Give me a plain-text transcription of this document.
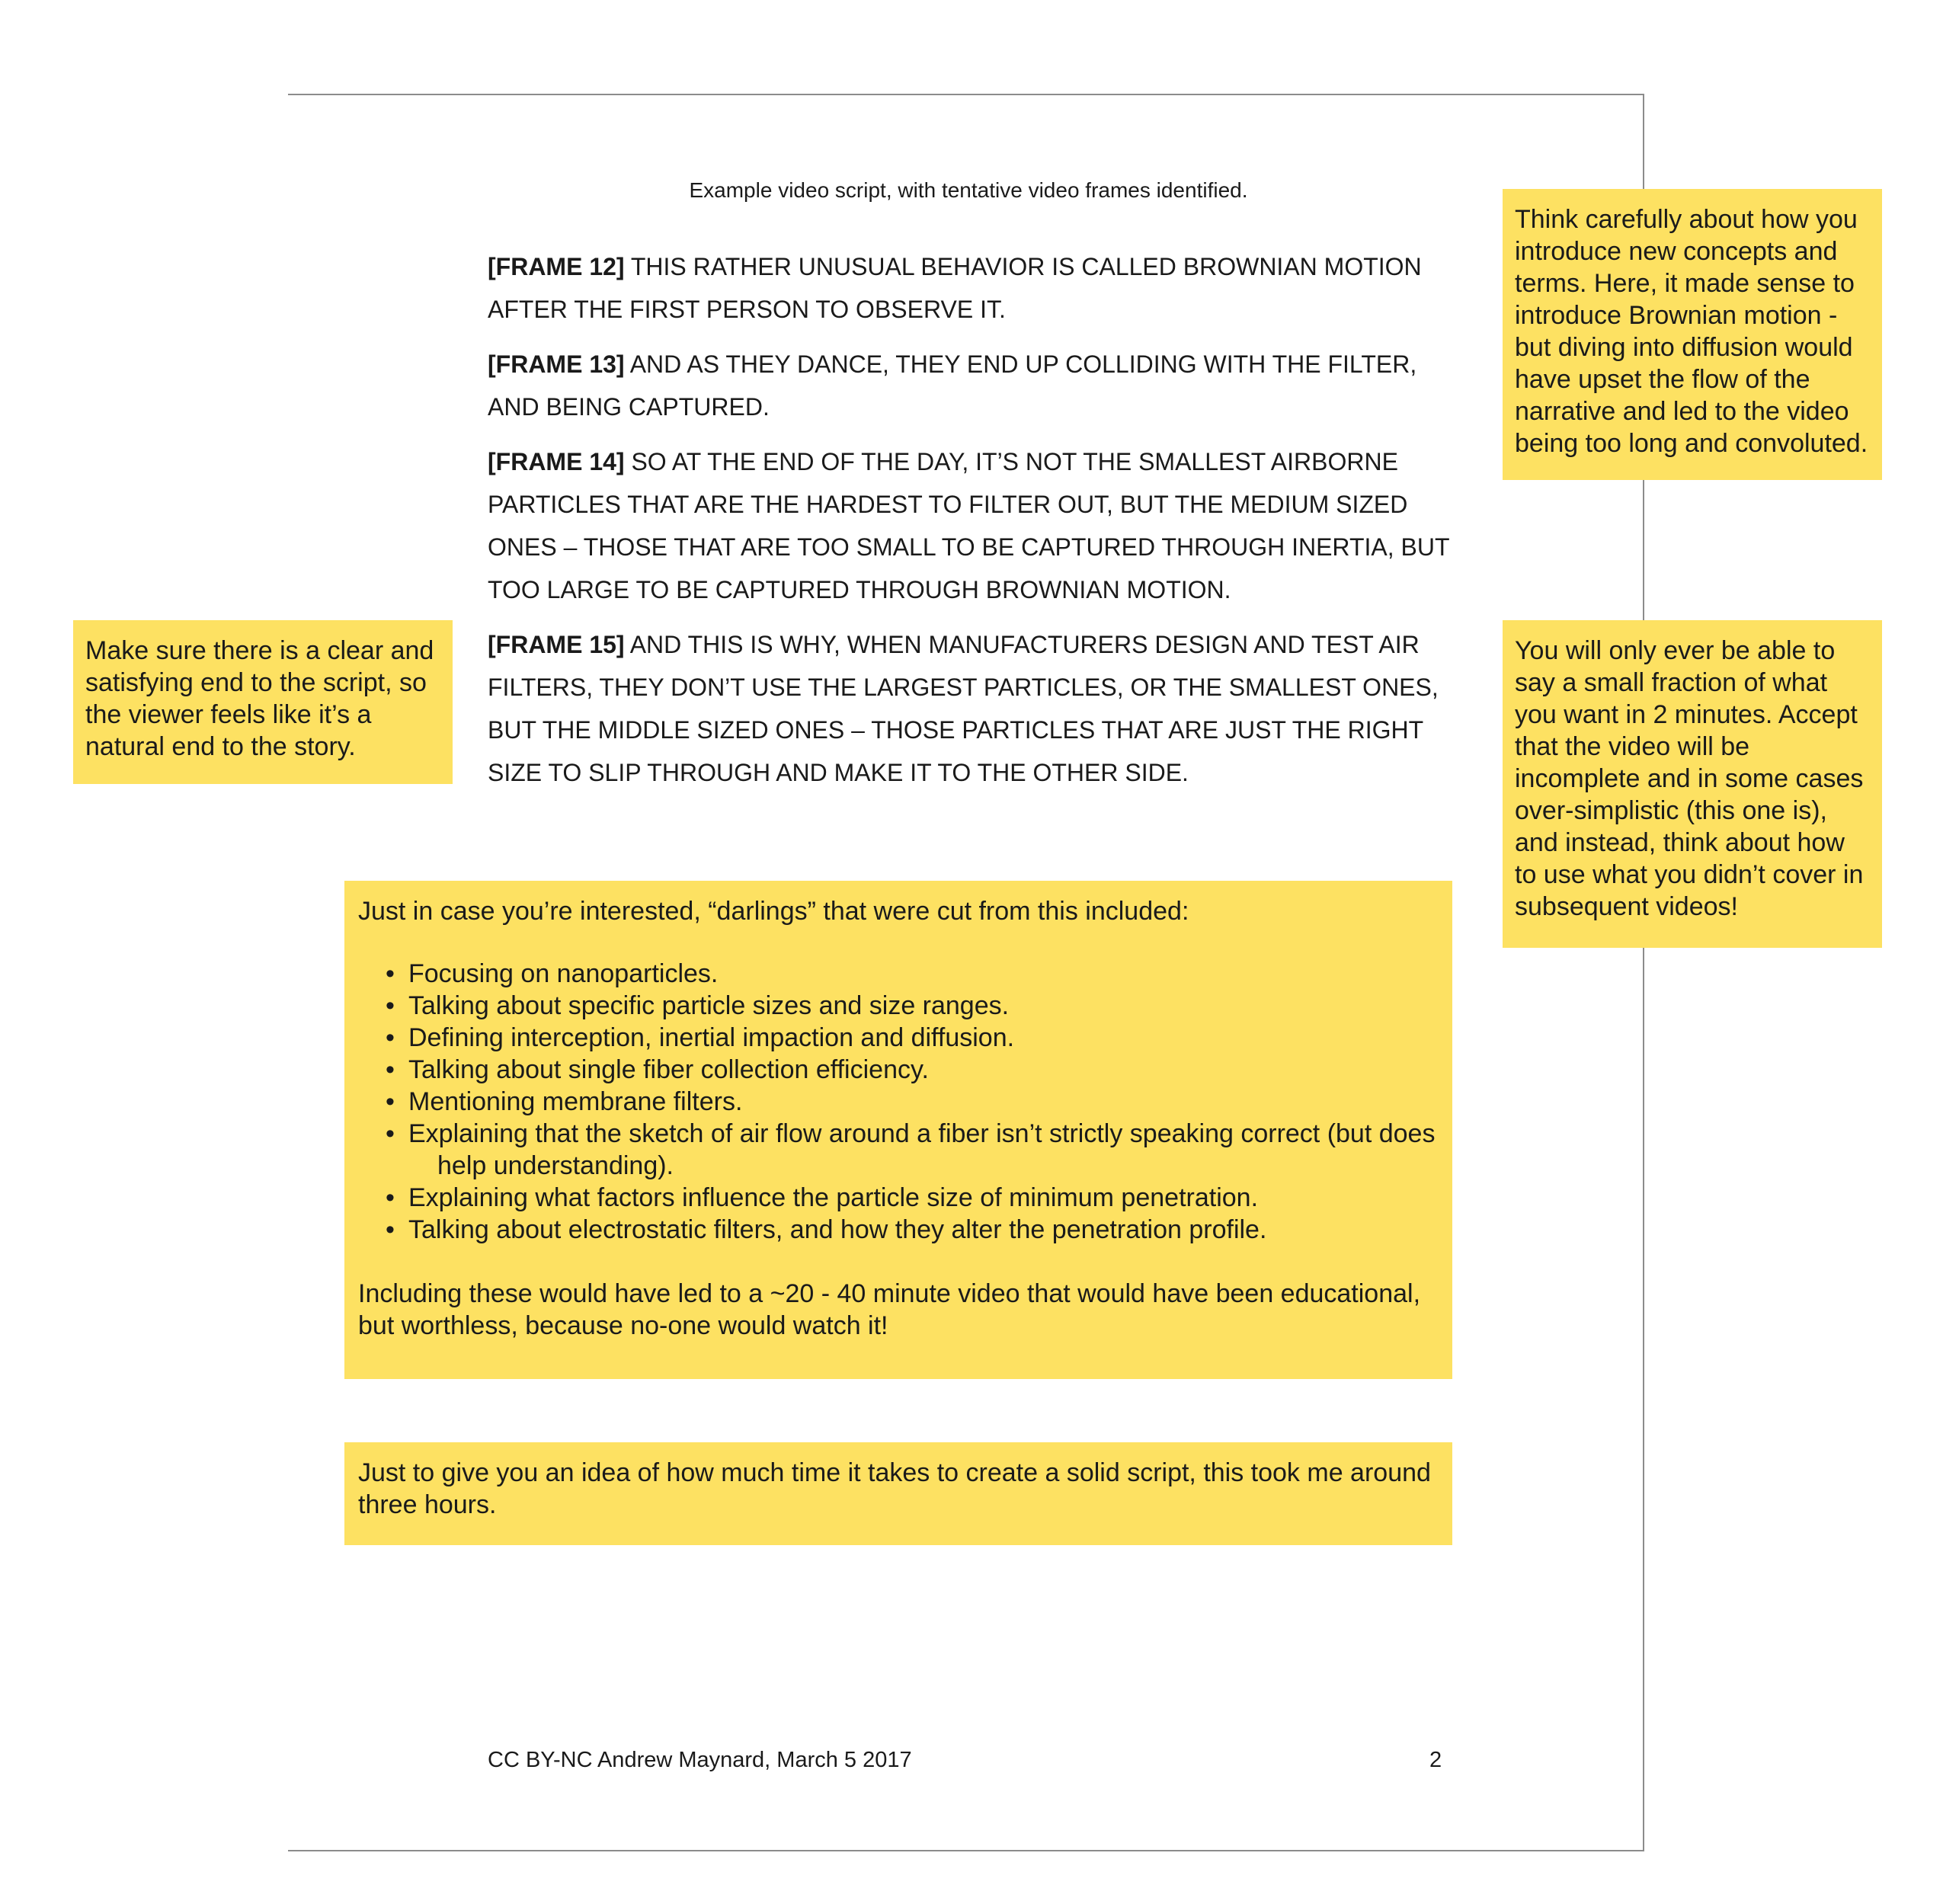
Example video script, with tentative video frames identified.

[FRAME 12] THIS RATHER UNUSUAL BEHAVIOR IS CALLED BROWNIAN MOTION AFTER THE FIRST PERSON TO OBSERVE IT.

[FRAME 13] AND AS THEY DANCE, THEY END UP COLLIDING WITH THE FILTER, AND BEING CAPTURED.

[FRAME 14] SO AT THE END OF THE DAY, IT’S NOT THE SMALLEST AIRBORNE PARTICLES THAT ARE THE HARDEST TO FILTER OUT, BUT THE MEDIUM SIZED ONES – THOSE THAT ARE TOO SMALL TO BE CAPTURED THROUGH INERTIA, BUT TOO LARGE TO BE CAPTURED THROUGH BROWNIAN MOTION.

[FRAME 15] AND THIS IS WHY, WHEN MANUFACTURERS DESIGN AND TEST AIR FILTERS, THEY DON’T USE THE LARGEST PARTICLES, OR THE SMALLEST ONES, BUT THE MIDDLE SIZED ONES – THOSE PARTICLES THAT ARE JUST THE RIGHT SIZE TO SLIP THROUGH AND MAKE IT TO THE OTHER SIDE.

Think carefully about how you introduce new concepts and terms. Here, it made sense to introduce Brownian motion - but diving into diffusion would have upset the flow of the narrative and led to the video being too long and convoluted.

You will only ever be able to say a small fraction of what you want in 2 minutes. Accept that the video will be incomplete and in some cases over-simplistic (this one is), and instead, think about how to use what you didn’t cover in subsequent videos!

Make sure there is a clear and satisfying end to the script, so the viewer feels like it’s a natural end to the story.

Just in case you’re interested, “darlings” that were cut from this included:

• Focusing on nanoparticles.
• Talking about specific particle sizes and size ranges.
• Defining interception, inertial impaction and diffusion.
• Talking about single fiber collection efficiency.
• Mentioning membrane filters.
• Explaining that the sketch of air flow around a fiber isn’t strictly speaking correct (but does
help understanding).
• Explaining what factors influence the particle size of minimum penetration.
• Talking about electrostatic filters, and how they alter the penetration profile.

Including these would have led to a ~20 - 40 minute video that would have been educational, but worthless, because no-one would watch it!

Just to give you an idea of how much time it takes to create a solid script, this took me around three hours.

CC BY-NC Andrew Maynard, March 5 2017	2
